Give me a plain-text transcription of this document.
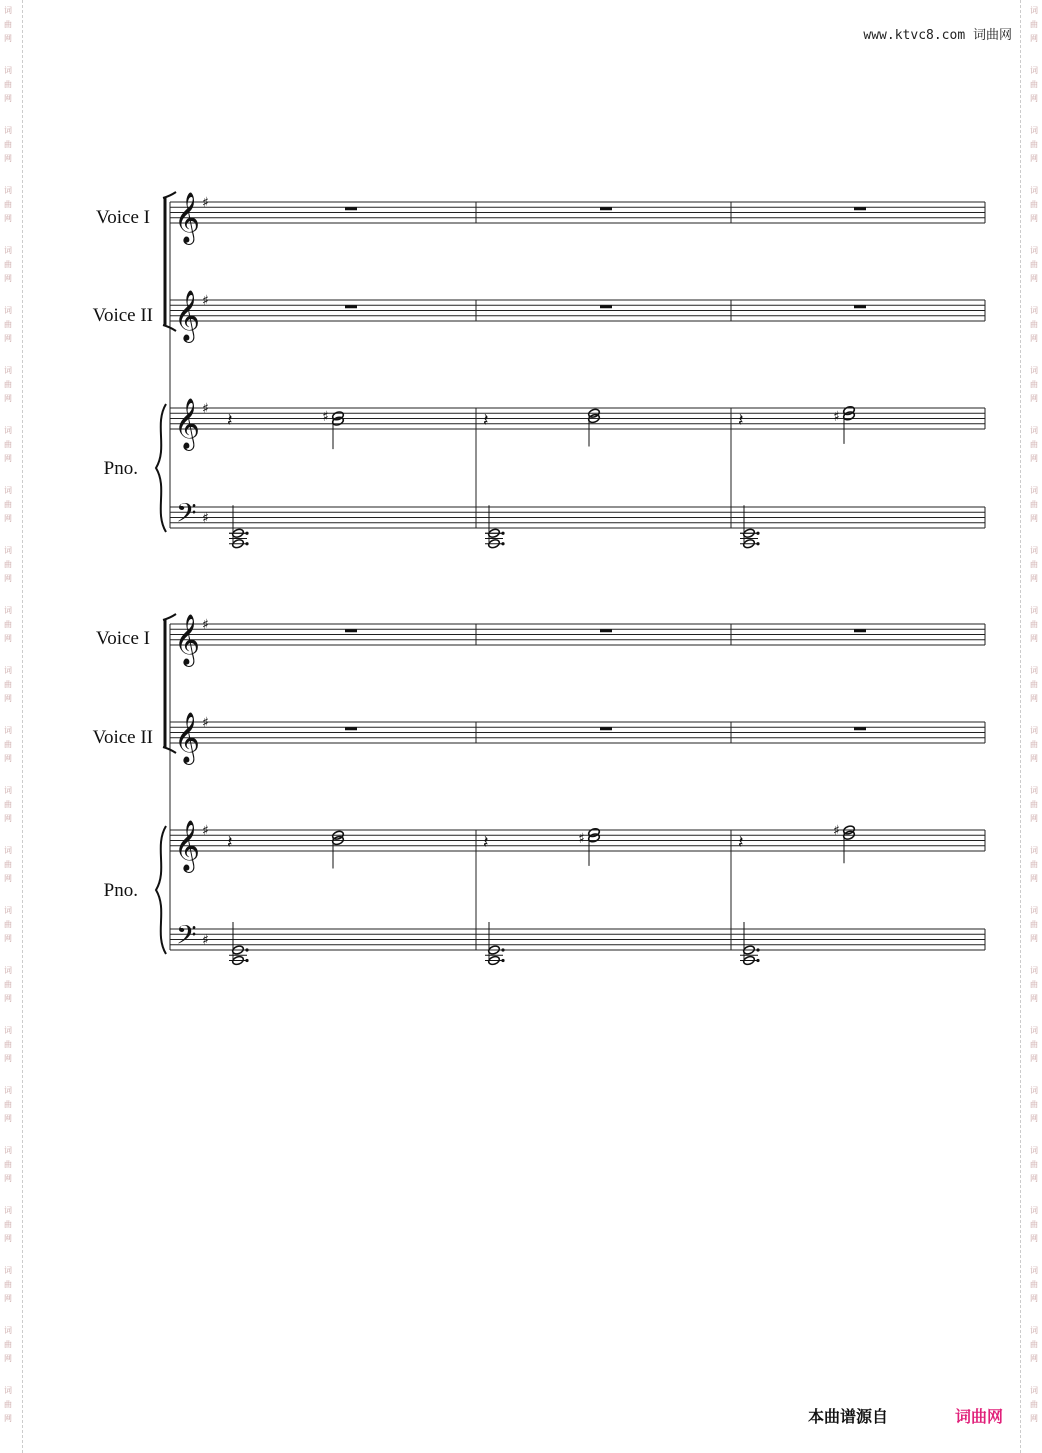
词
曲
网
词
曲
网
词
曲
网
词
曲
网
词
曲
网
词
曲
网
词
曲
网
词
曲
网
词
曲
网
词
曲
网
词
曲
网
词
曲
网
词
曲
网
词
曲
网
词
曲
网
词
曲
网
词
曲
网
词
曲
网
词
曲
网
词
曲
网
词
曲
网
词
曲
网
词
曲
网
词
曲
网
词
曲
网
词
曲
网
词
曲
网
词
曲
网
词
曲
网
词
曲
网
词
曲
网
词
曲
网
词
曲
网
词
曲
网
词
曲
网
词
曲
网
词
曲
网
词
曲
网
词
曲
网
词
曲
网
词
曲
网
词
曲
网
词
曲
网
词
曲
网
词
曲
网
词
曲
网
词
曲
网
词
曲
网
www.ktvc8.com 词曲网
Voice I
Voice II
Pno.
Voice I
Voice II
Pno.
𝄞 ♯
𝄞 ♯
𝄞 ♯
𝄢 ♯
𝄽	♯	𝄽	𝄽	♯
𝄞 ♯
𝄞 ♯
𝄞 ♯
𝄢 ♯
𝄽	𝄽	♯	𝄽
♯
本曲谱源自	词曲网
